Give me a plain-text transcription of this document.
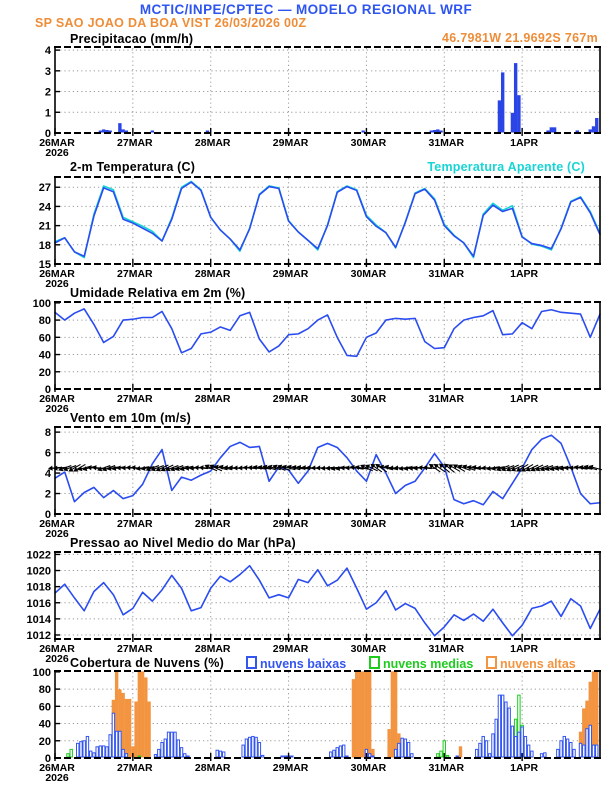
MCTIC/INPE/CPTEC — MODELO REGIONAL WRF
SP SAO JOAO DA BOA VIST 26/03/2026 00Z
46.7981W 21.9692S 767m
Precipitacao (mm/h)
2-m Temperatura (C)	Temperatura Aparente (C)
Umidade Relativa em 2m (%)
Vento em 10m (m/s)
Pressao ao Nivel Medio do Mar (hPa)
Cobertura de Nuvens (%)	nuvens baixas	nuvens medias	nuvens altas
0
1
2
3
4
26MAR	27MAR	28MAR	29MAR	30MAR	31MAR	1APR
2026
15
18
21
24
27
26MAR	27MAR	28MAR	29MAR	30MAR	31MAR	1APR
2026
0
20
40
60
80
100
26MAR	27MAR	28MAR	29MAR	30MAR	31MAR	1APR
2026
0
2
4
6
8
26MAR	27MAR	28MAR	29MAR	30MAR	31MAR	1APR
2026
1012
1014
1016
1018
1020
1022
26MAR	27MAR	28MAR	29MAR	30MAR	31MAR	1APR
2026
0
20
40
60
80
100
26MAR	27MAR	28MAR	29MAR	30MAR	31MAR	1APR
2026
